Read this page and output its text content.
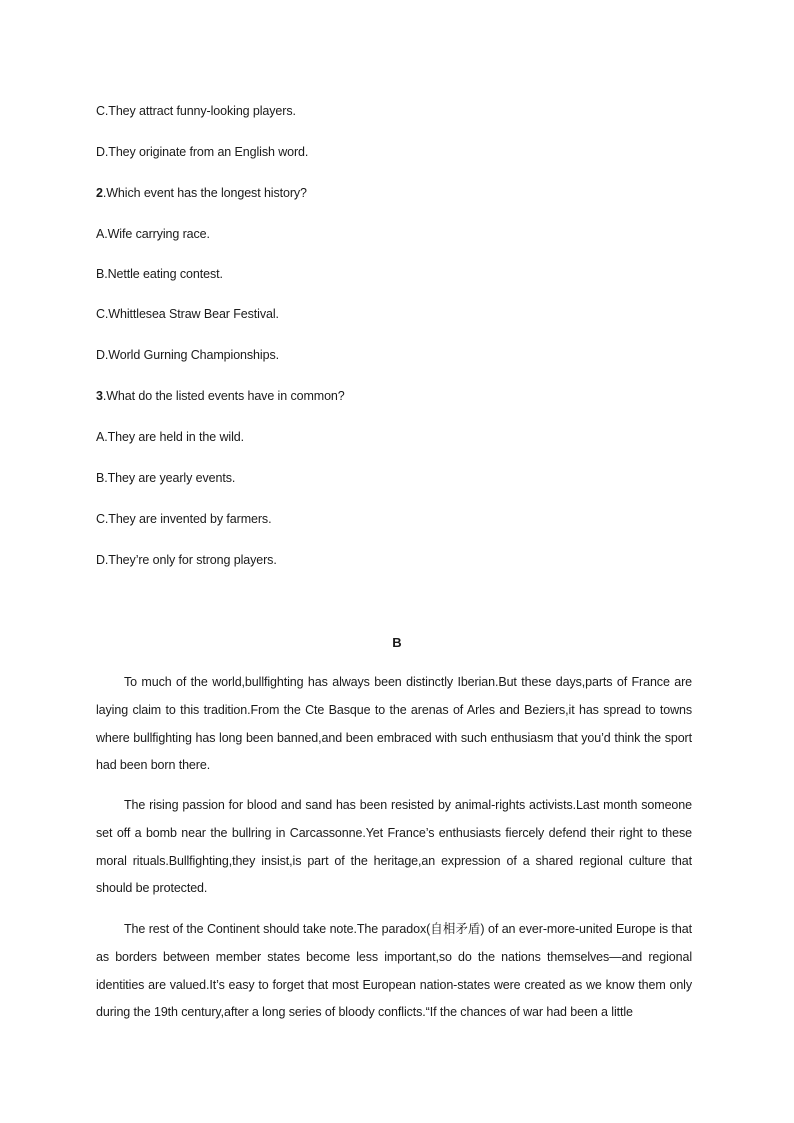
C.They attract funny-looking players.
D.They originate from an English word.
2.Which event has the longest history?
A.Wife carrying race.
B.Nettle eating contest.
C.Whittlesea Straw Bear Festival.
D.World Gurning Championships.
3.What do the listed events have in common?
A.They are held in the wild.
B.They are yearly events.
C.They are invented by farmers.
D.They’re only for strong players.
B
To much of the world,bullfighting has always been distinctly Iberian.But these days,parts of France are laying claim to this tradition.From the Cte Basque to the arenas of Arles and Beziers,it has spread to towns where bullfighting has long been banned,and been embraced with such enthusiasm that you’d think the sport had been born there.
The rising passion for blood and sand has been resisted by animal-rights activists.Last month someone set off a bomb near the bullring in Carcassonne.Yet France’s enthusiasts fiercely defend their right to these moral rituals.Bullfighting,they insist,is part of the heritage,an expression of a shared regional culture that should be protected.
The rest of the Continent should take note.The paradox(自相矛盾) of an ever-more-united Europe is that as borders between member states become less important,so do the nations themselves—and regional identities are valued.It’s easy to forget that most European nation-states were created as we know them only during the 19th century,after a long series of bloody conflicts.“If the chances of war had been a little
